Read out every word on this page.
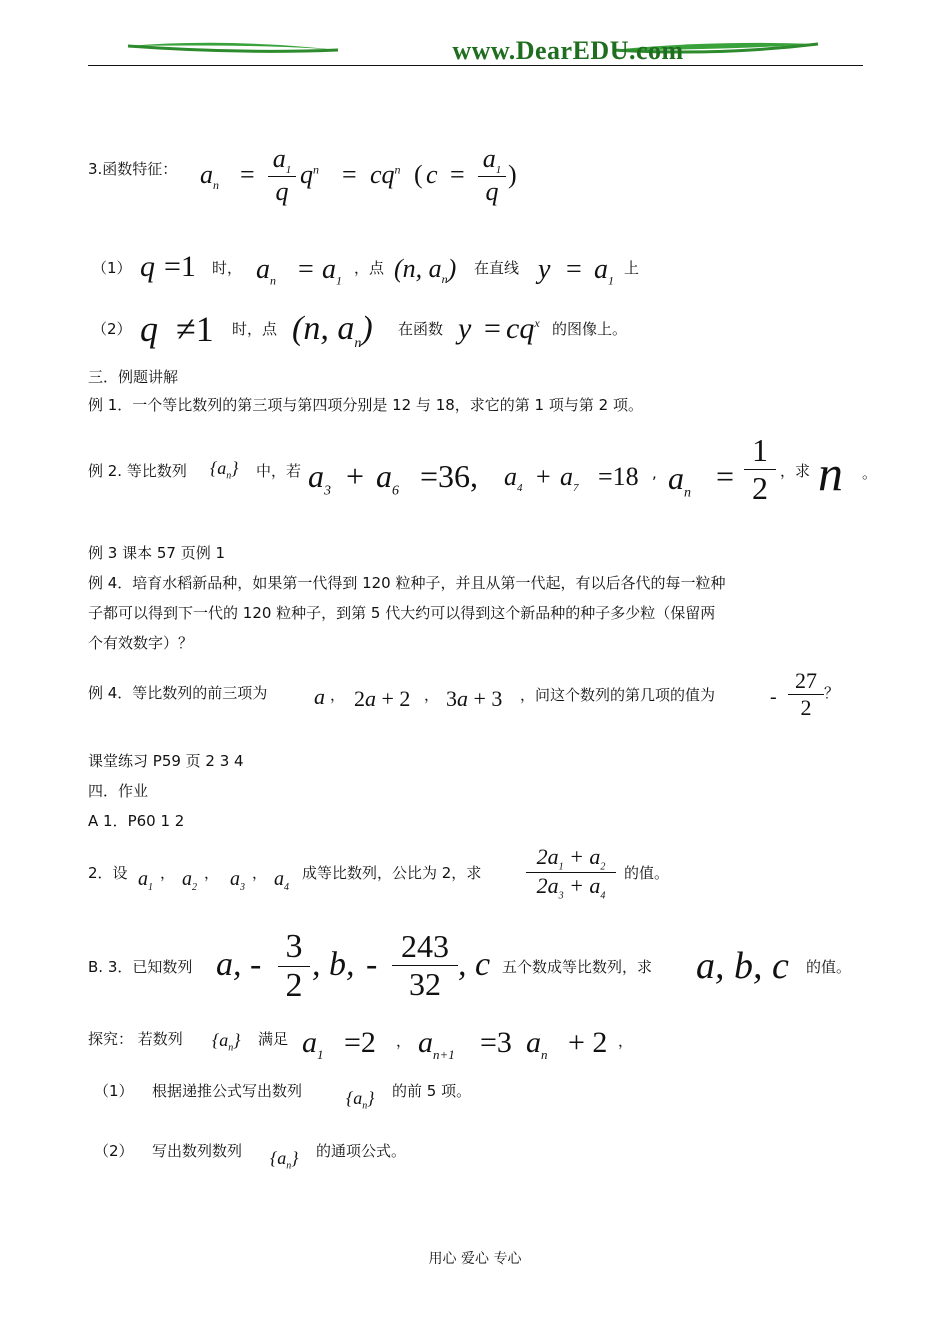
www.DearEDU.com
3.函数特征： $a_n$ =
$a_1$
q
$q^n = cq^n$ ( c =
$a_1$
q
)
（1） q =1 时， $a_n = a_1$
，点 (n, $a_n$) 在直线 $y = a_1$
上
（2） q ≠1 时，点 (n, $a_n$) 在函数 $y = cq^x$ 的图像上。
三．例题讲解
例 1．一个等比数列的第三项与第四项分别是 12 与 18，求它的第 1 项与第 2 项。
例 2. 等比数列 $\{a_n\}$ 中，若 $a_3 + a_6 =36$, $a_4 + a_7 =18$ , $a_n$ =
1
2 ，求 n 。
例 3 课本 57 页例 1
例 4．培育水稻新品种，如果第一代得到 120 粒种子，并且从第一代起，有以后各代的每一粒种
子都可以得到下一代的 120 粒种子，到第 5 代大约可以得到这个新品种的种子多少粒（保留两
个有效数字）？
例 4．等比数列的前三项为 a ， 2a + 2 ， 3a + 3 ，问这个数列的第几项的值为	-
27
2
？
课堂练习 P59 页 2 3 4
四．作业
A 1．P60 1 2
2．设 $a_1$
， $a_2$
， $a_3$
， $a_4$
成等比数列，公比为 2，求
$2a_1 + a_2$
$2a_3 + a_4$
的值。
B. 3．已知数列 a, - 3
2
, b, - 243
32
, c 五个数成等比数列，求 a, b, c 的值。
探究： 若数列 $\{a_n\}$ 满足 $a_1 =2$ ， $a_{n+1} =3$ $a_n + 2$ ，
（1） 根据递推公式写出数列 $\{a_n\}$ 的前 5 项。
（2） 写出数列数列 $\{a_n\}$ 的通项公式。
用心 爱心 专心
